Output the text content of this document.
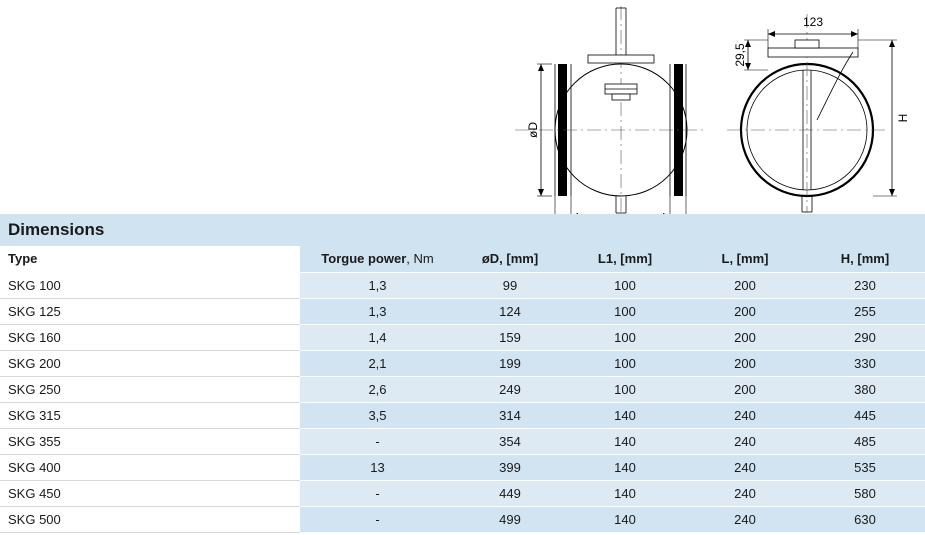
øD
123
29,5
H
Dimensions
Type	Torgue power, Nm	øD, [mm]	L1, [mm]	L, [mm]	H, [mm]
SKG 100	1,3	99	100	200	230
SKG 125	1,3	124	100	200	255
SKG 160	1,4	159	100	200	290
SKG 200	2,1	199	100	200	330
SKG 250	2,6	249	100	200	380
SKG 315	3,5	314	140	240	445
SKG 355	-	354	140	240	485
SKG 400	13	399	140	240	535
SKG 450	-	449	140	240	580
SKG 500	-	499	140	240	630
